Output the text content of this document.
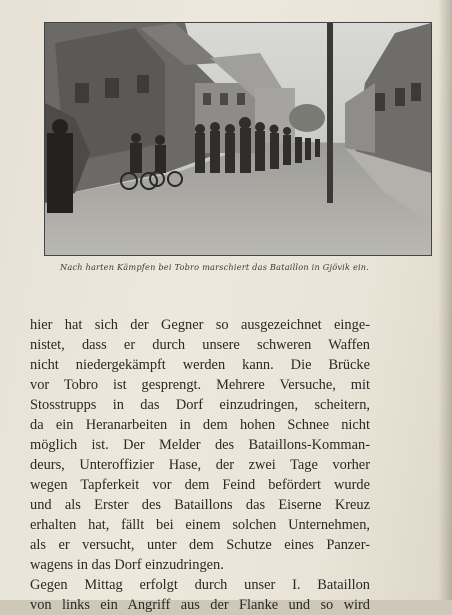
Nach harten Kämpfen bei Tobro marschiert das Bataillon in Gjövik ein.
hier hat sich der Gegner so ausgezeichnet einge-
nistet, dass er durch unsere schweren Waffen
nicht niedergekämpft werden kann. Die Brücke
vor Tobro ist gesprengt. Mehrere Versuche, mit
Stosstrupps in das Dorf einzudringen, scheitern,
da ein Heranarbeiten in dem hohen Schnee nicht
möglich ist. Der Melder des Bataillons-Komman-
deurs, Unteroffizier Hase, der zwei Tage vorher
wegen Tapferkeit vor dem Feind befördert wurde
und als Erster des Bataillons das Eiserne Kreuz
erhalten hat, fällt bei einem solchen Unternehmen,
als er versucht, unter dem Schutze eines Panzer-
wagens in das Dorf einzudringen.
Gegen Mittag erfolgt durch unser I. Bataillon
von links ein Angriff aus der Flanke und so wird
